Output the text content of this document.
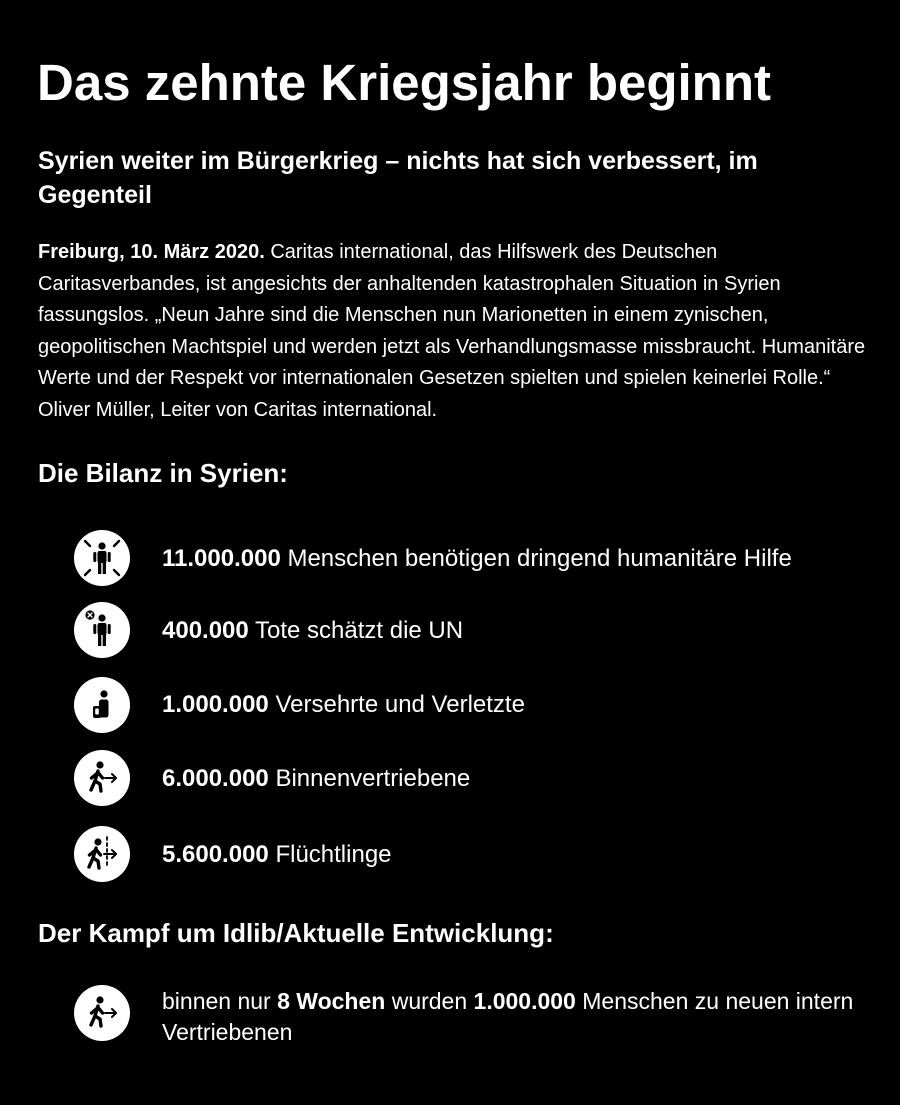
Das zehnte Kriegsjahr beginnt
Syrien weiter im Bürgerkrieg – nichts hat sich verbessert, im Gegenteil
Freiburg, 10. März 2020. Caritas international, das Hilfswerk des Deutschen Caritasverbandes, ist angesichts der anhaltenden katastrophalen Situation in Syrien fassungslos. „Neun Jahre sind die Menschen nun Marionetten in einem zynischen, geopolitischen Machtspiel und werden jetzt als Verhandlungsmasse missbraucht. Humanitäre Werte und der Respekt vor internationalen Gesetzen spielten und spielen keinerlei Rolle.“ Oliver Müller, Leiter von Caritas international.
Die Bilanz in Syrien:
11.000.000 Menschen benötigen dringend humanitäre Hilfe
400.000 Tote schätzt die UN
1.000.000 Versehrte und Verletzte
6.000.000 Binnenvertriebene
5.600.000 Flüchtlinge
Der Kampf um Idlib/Aktuelle Entwicklung:
binnen nur 8 Wochen wurden 1.000.000 Menschen zu neuen intern Vertriebenen
